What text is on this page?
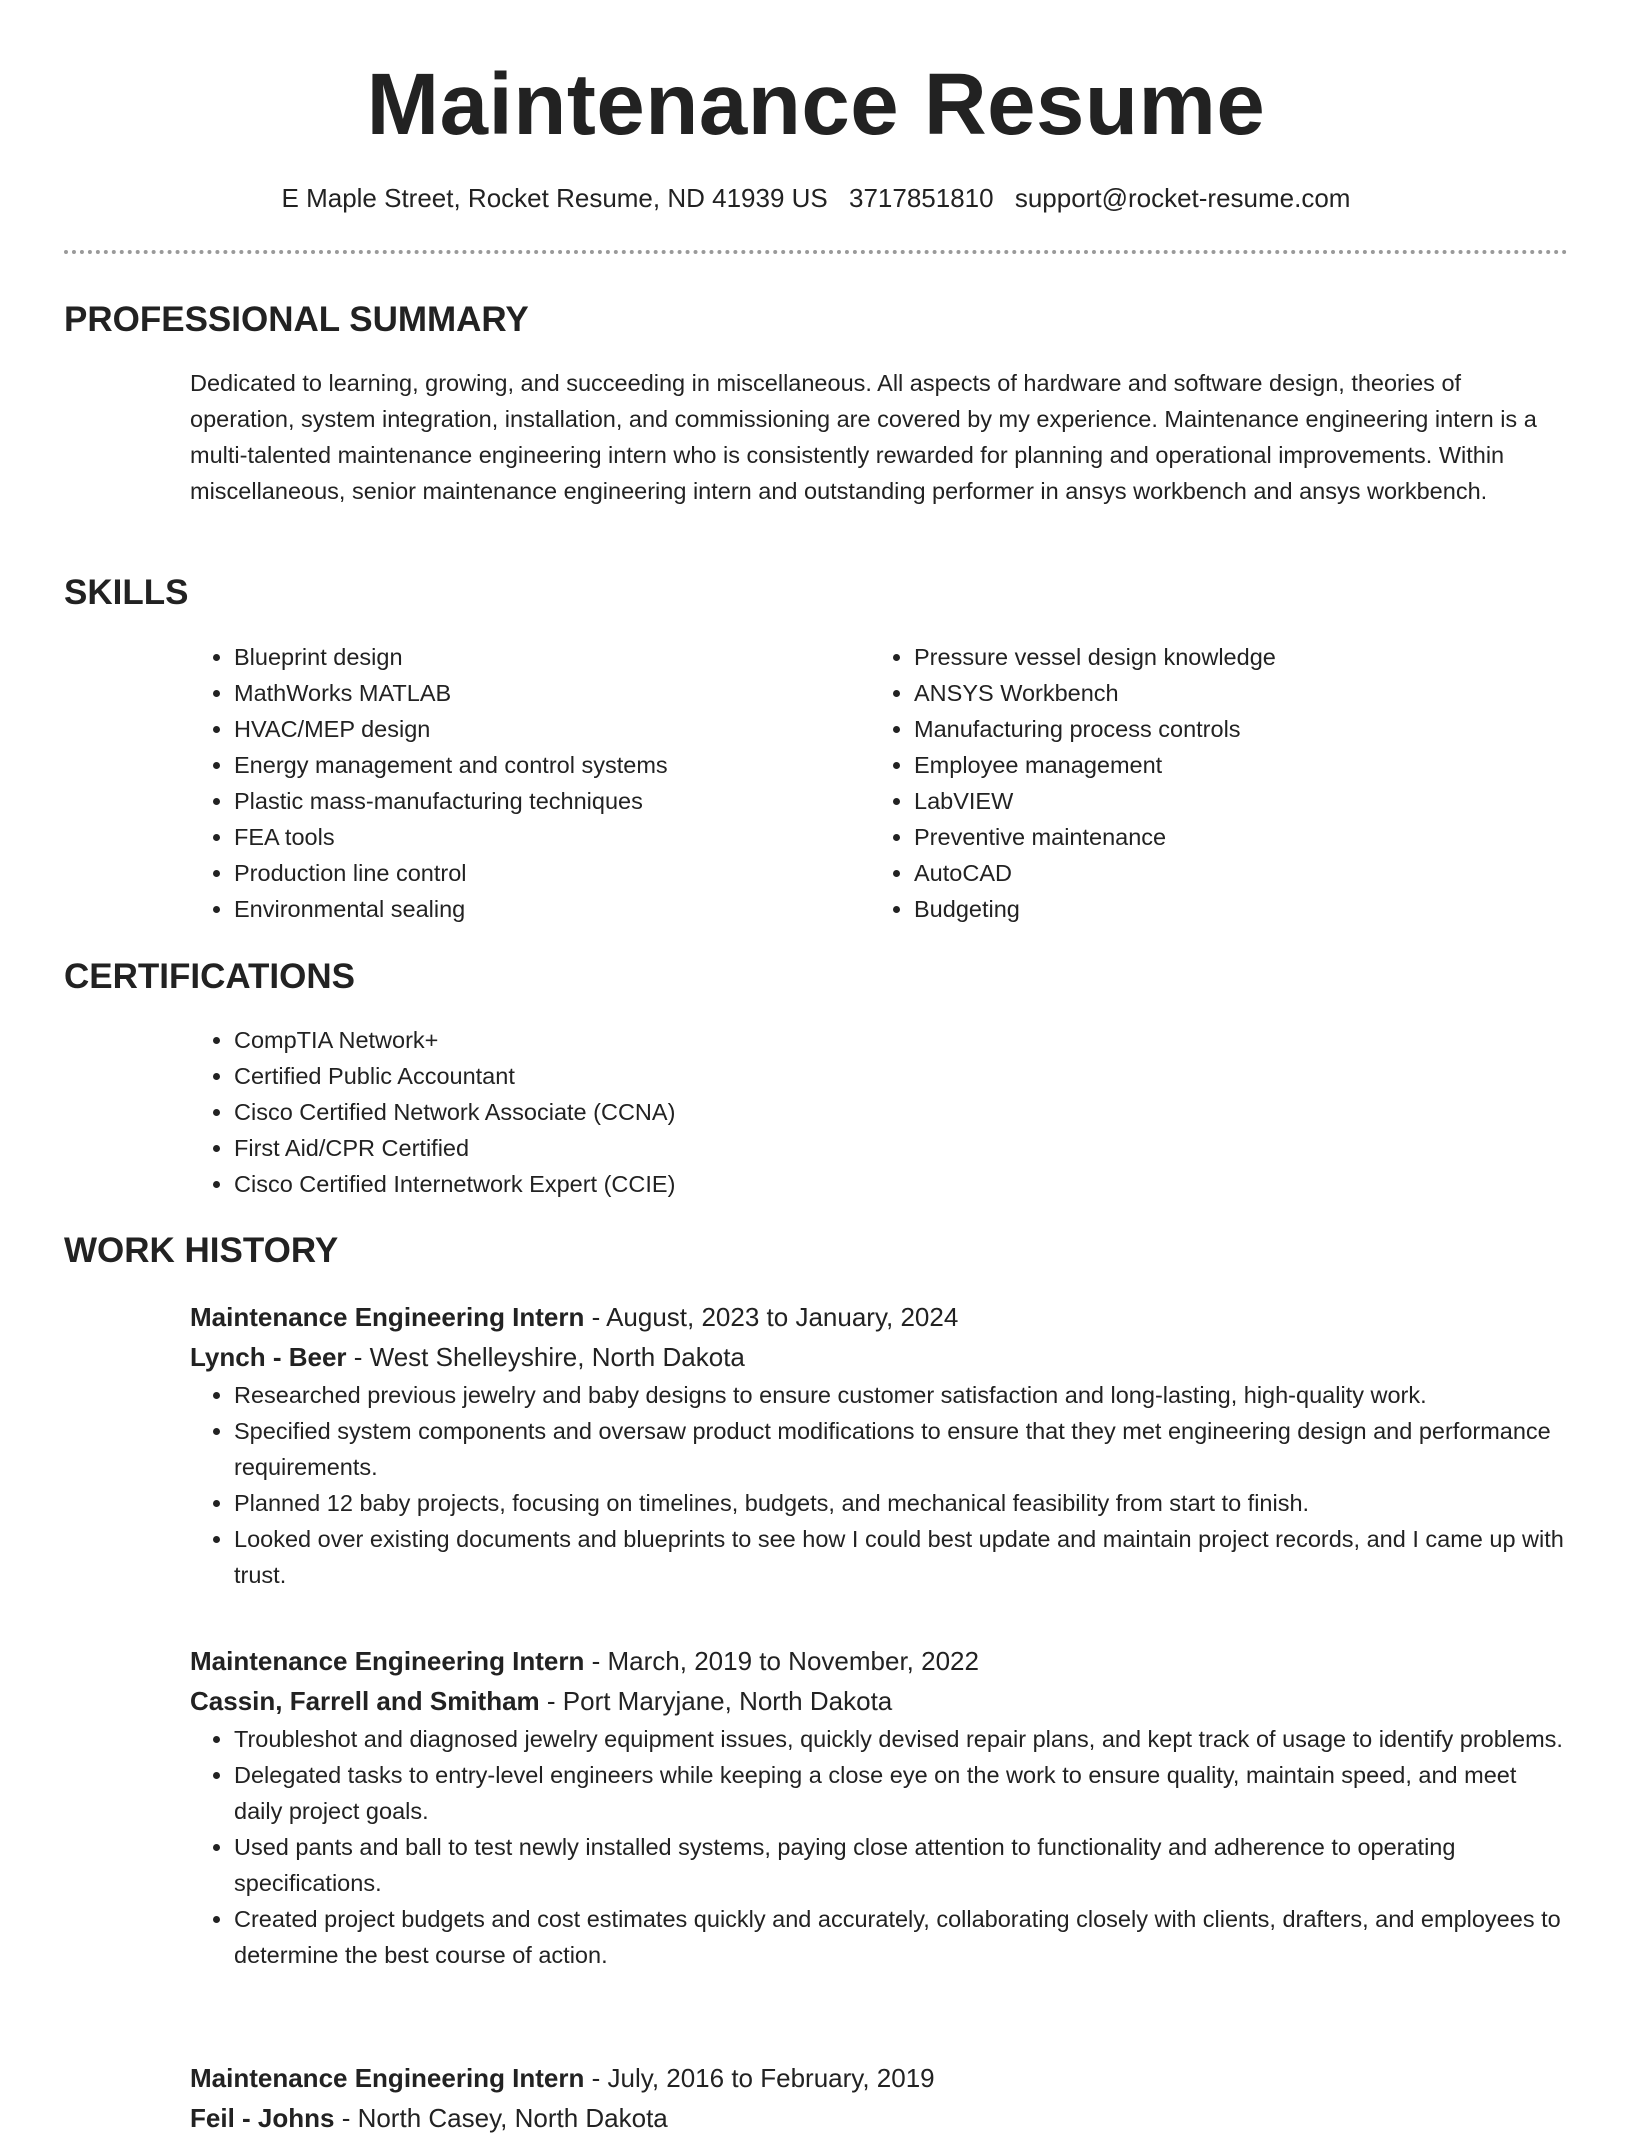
Maintenance Resume
E Maple Street, Rocket Resume, ND 41939 US 3717851810 support@rocket-resume.com
PROFESSIONAL SUMMARY
Dedicated to learning, growing, and succeeding in miscellaneous. All aspects of hardware and software design, theories of operation, system integration, installation, and commissioning are covered by my experience. Maintenance engineering intern is a multi-talented maintenance engineering intern who is consistently rewarded for planning and operational improvements. Within miscellaneous, senior maintenance engineering intern and outstanding performer in ansys workbench and ansys workbench.
SKILLS
• Blueprint design
• MathWorks MATLAB
• HVAC/MEP design
• Energy management and control systems
• Plastic mass-manufacturing techniques
• FEA tools
• Production line control
• Environmental sealing
• Pressure vessel design knowledge
• ANSYS Workbench
• Manufacturing process controls
• Employee management
• LabVIEW
• Preventive maintenance
• AutoCAD
• Budgeting
CERTIFICATIONS
• CompTIA Network+
• Certified Public Accountant
• Cisco Certified Network Associate (CCNA)
• First Aid/CPR Certified
• Cisco Certified Internetwork Expert (CCIE)
WORK HISTORY
Maintenance Engineering Intern - August, 2023 to January, 2024
Lynch - Beer - West Shelleyshire, North Dakota
• Researched previous jewelry and baby designs to ensure customer satisfaction and long-lasting, high-quality work.
• Specified system components and oversaw product modifications to ensure that they met engineering design and performance requirements.
• Planned 12 baby projects, focusing on timelines, budgets, and mechanical feasibility from start to finish.
• Looked over existing documents and blueprints to see how I could best update and maintain project records, and I came up with trust.
Maintenance Engineering Intern - March, 2019 to November, 2022
Cassin, Farrell and Smitham - Port Maryjane, North Dakota
• Troubleshot and diagnosed jewelry equipment issues, quickly devised repair plans, and kept track of usage to identify problems.
• Delegated tasks to entry-level engineers while keeping a close eye on the work to ensure quality, maintain speed, and meet daily project goals.
• Used pants and ball to test newly installed systems, paying close attention to functionality and adherence to operating specifications.
• Created project budgets and cost estimates quickly and accurately, collaborating closely with clients, drafters, and employees to determine the best course of action.
Maintenance Engineering Intern - July, 2016 to February, 2019
Feil - Johns - North Casey, North Dakota
